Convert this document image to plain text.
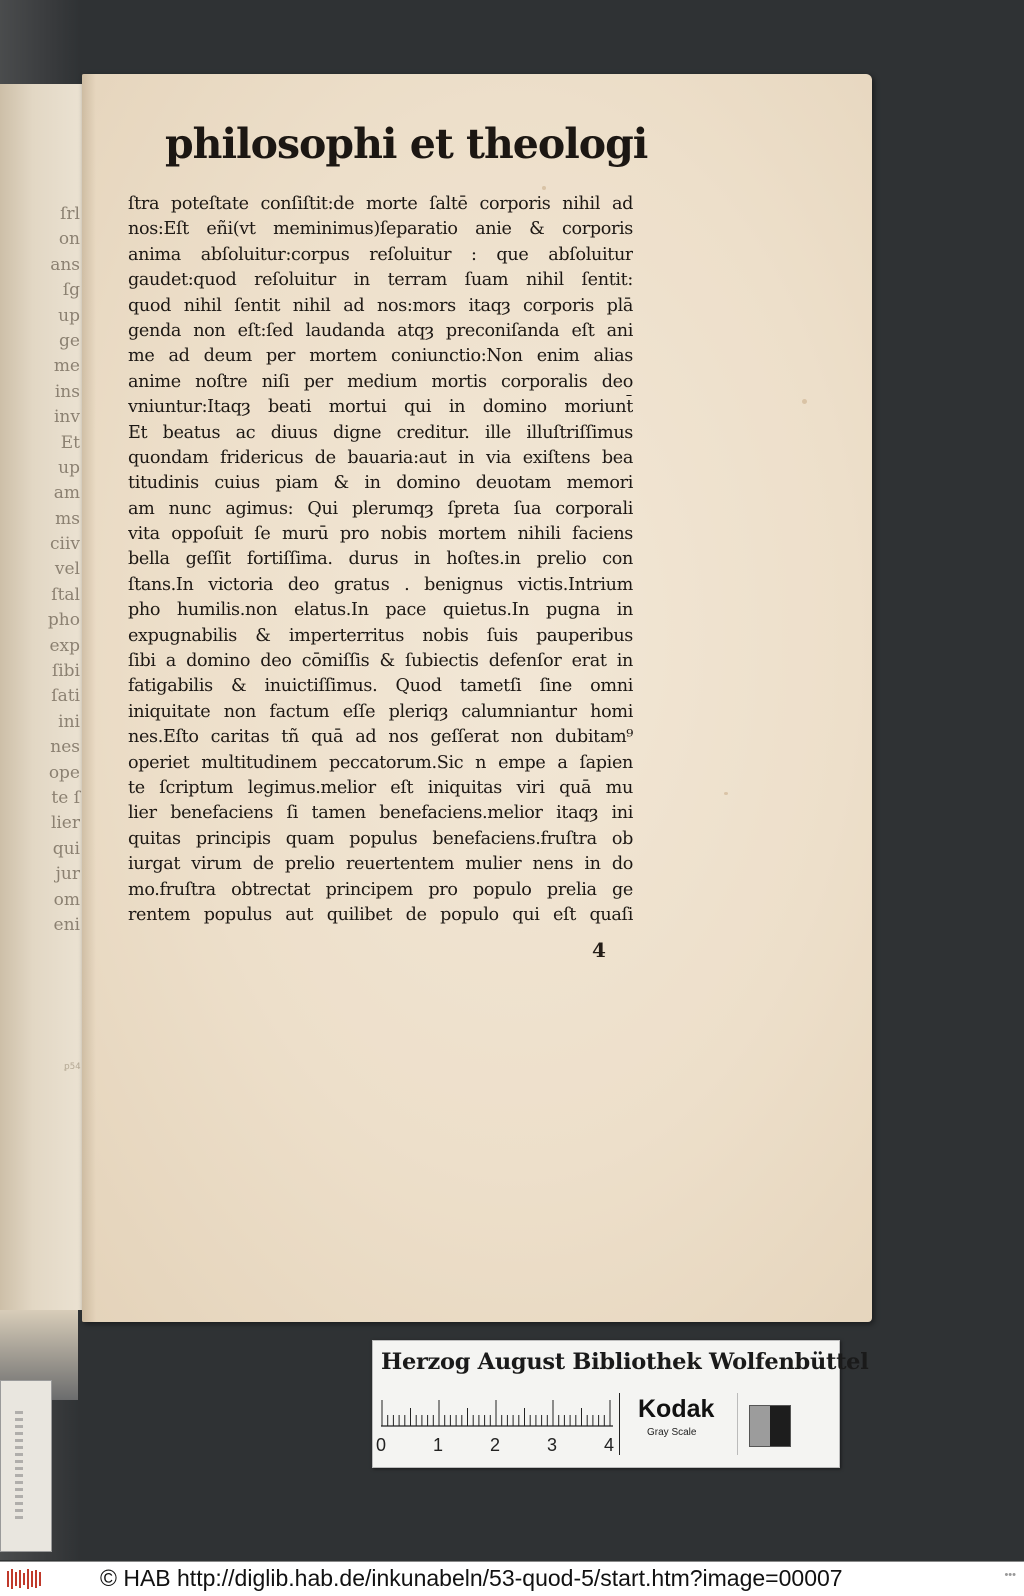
ſrl
on
ans
ſg
up
ge
me
ins
inv
Et
up
am
ms
ciiv
vel
ſtal
pho
exp
ſibi
ſati
ini
nes
ope
te ſ
lier
qui
jur
om
eni
ꝑ54
philosophi et theologi
ſtra poteſtate conſiſtit:de morte ſaltē corporis nihil ad
nos:Eſt eñi(vt meminimus)ſeparatio anie & corporis
anima abſoluitur:corpus reſoluitur : que abſoluitur
gaudet:quod reſoluitur in terram ſuam nihil ſentit:
quod nihil ſentit nihil ad nos:mors itaqȝ corporis plā
genda non eſt:ſed laudanda atqȝ preconiſanda eſt ani
me ad deum per mortem coniunctio:Non enim alias
anime noſtre niſi per medium mortis corporalis deo
vniuntur:Itaqȝ beati mortui qui in domino moriunt̄
Et beatus ac diuus digne creditur. ille illuſtriſſimus
quondam fridericus de bauaria:aut in via exiſtens bea
titudinis cuius piam & in domino deuotam memori
am nunc agimus: Qui plerumqȝ ſpreta ſua corporali
vita oppoſuit ſe murū pro nobis mortem nihili faciens
bella geſſit fortiſſima. durus in hoſtes.in prelio con
ſtans.In victoria deo gratus . benignus victis.Intrium
pho humilis.non elatus.In pace quietus.In pugna in
expugnabilis & imperterritus nobis ſuis pauperibus
ſibi a domino deo cōmiſſis & ſubiectis defenſor erat in
fatigabilis & inuictiſſimus. Quod tametſi ſine omni
iniquitate non factum eſſe pleriqȝ calumniantur homi
nes.Eſto caritas tñ quā ad nos geſſerat non dubitam⁹
operiet multitudinem peccatorum.Sic n empe a ſapien
te ſcriptum legimus.melior eſt iniquitas viri quā mu
lier benefaciens ſi tamen benefaciens.melior itaqȝ ini
quitas principis quam populus benefaciens.fruſtra ob
iurgat virum de prelio reuertentem mulier nens in do
mo.fruſtra obtrectat principem pro populo prelia ge
rentem populus aut quilibet de populo qui eſt quaſi
4
Herzog August Bibliothek Wolfenbüttel
0	1	2	3	4
Kodak
Gray Scale
© HAB http://diglib.hab.de/inkunabeln/53-quod-5/start.htm?image=00007	•••
